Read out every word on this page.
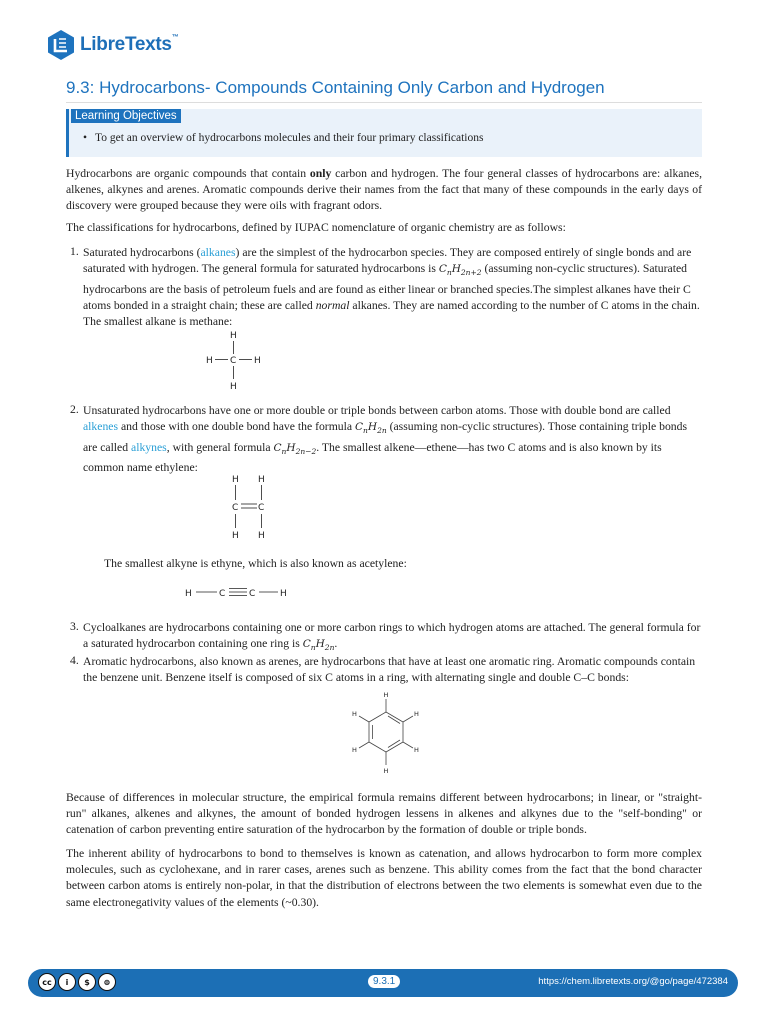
LibreTexts™
9.3: Hydrocarbons- Compounds Containing Only Carbon and Hydrogen
Learning Objectives
• To get an overview of hydrocarbons molecules and their four primary classifications

Hydrocarbons are organic compounds that contain only carbon and hydrogen. The four general classes of hydrocarbons are: alkanes, alkenes, alkynes and arenes. Aromatic compounds derive their names from the fact that many of these compounds in the early days of discovery were grouped because they were oils with fragrant odors.

The classifications for hydrocarbons, defined by IUPAC nomenclature of organic chemistry are as follows:

1. Saturated hydrocarbons (alkanes) are the simplest of the hydrocarbon species. They are composed entirely of single bonds and are saturated with hydrogen. The general formula for saturated hydrocarbons is $C_nH_{2n+2}$ (assuming non-cyclic structures). Saturated hydrocarbons are the basis of petroleum fuels and are found as either linear or branched species.The simplest alkanes have their C atoms bonded in a straight chain; these are called normal alkanes. They are named according to the number of C atoms in the chain. The smallest alkane is methane:

H
H C H
H
2. Unsaturated hydrocarbons have one or more double or triple bonds between carbon atoms. Those with double bond are called alkenes and those with one double bond have the formula $C_nH_{2n}$ (assuming non-cyclic structures). Those containing triple bonds are called alkynes, with general formula $C_nH_{2n-2}$. The smallest alkene—ethene—has two C atoms and is also known by its common name ethylene:

H H
C C
H H

The smallest alkyne is ethyne, which is also known as acetylene:

H	C	C	H
3. Cycloalkanes are hydrocarbons containing one or more carbon rings to which hydrogen atoms are attached. The general formula for a saturated hydrocarbon containing one ring is $C_nH_{2n}$.

4. Aromatic hydrocarbons, also known as arenes, are hydrocarbons that have at least one aromatic ring. Aromatic compounds contain the benzene unit. Benzene itself is composed of six C atoms in a ring, with alternating single and double C–C bonds:

H
H
H
H
H
H

Because of differences in molecular structure, the empirical formula remains different between hydrocarbons; in linear, or "straight-run" alkanes, alkenes and alkynes, the amount of bonded hydrogen lessens in alkenes and alkynes due to the "self-bonding" or catenation of carbon preventing entire saturation of the hydrocarbon by the formation of double or triple bonds.

The inherent ability of hydrocarbons to bond to themselves is known as catenation, and allows hydrocarbon to form more complex molecules, such as cyclohexane, and in rarer cases, arenes such as benzene. This ability comes from the fact that the bond character between carbon atoms is entirely non-polar, in that the distribution of electrons between the two elements is somewhat even due to the same electronegativity values of the elements (~0.30).

cc	i	$	⊜	9.3.1	https://chem.libretexts.org/@go/page/472384
